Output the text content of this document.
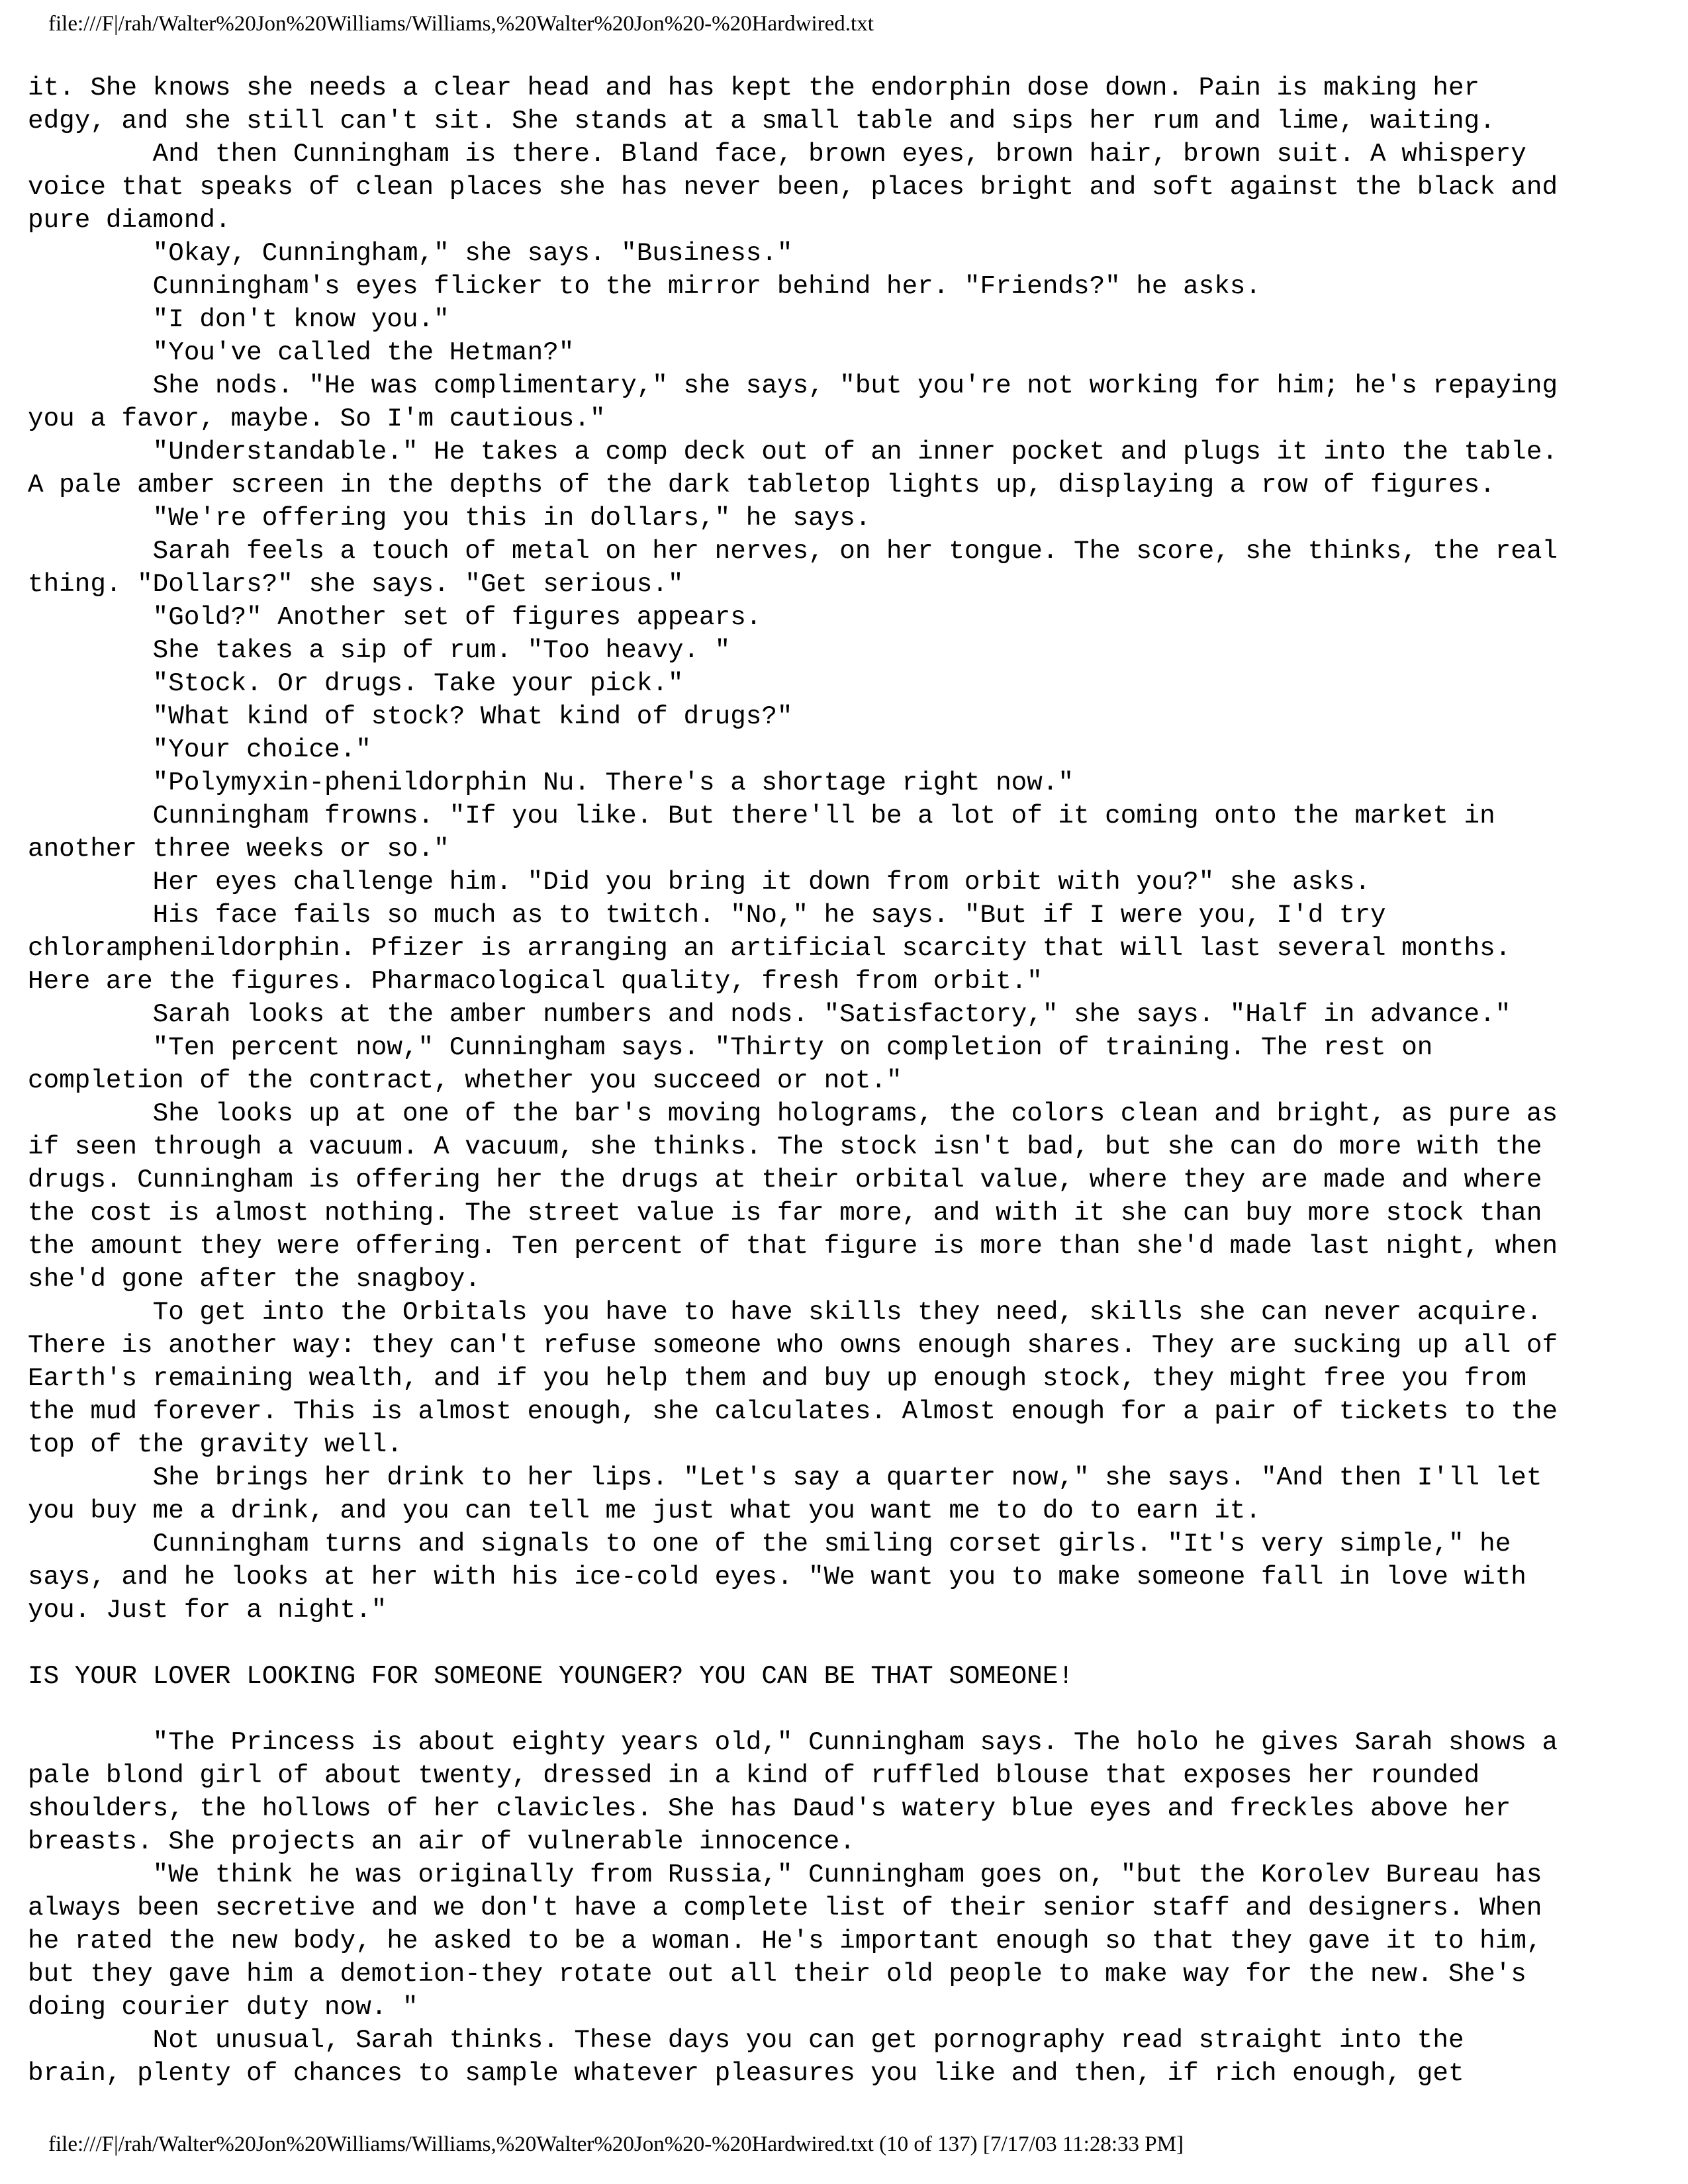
file:///F|/rah/Walter%20Jon%20Williams/Williams,%20Walter%20Jon%20-%20Hardwired.txt
it. She knows she needs a clear head and has kept the endorphin dose down. Pain is making her
edgy, and she still can't sit. She stands at a small table and sips her rum and lime, waiting.
And then Cunningham is there. Bland face, brown eyes, brown hair, brown suit. A whispery
voice that speaks of clean places she has never been, places bright and soft against the black and
pure diamond.
"Okay, Cunningham," she says. "Business."
Cunningham's eyes flicker to the mirror behind her. "Friends?" he asks.
"I don't know you."
"You've called the Hetman?"
She nods. "He was complimentary," she says, "but you're not working for him; he's repaying
you a favor, maybe. So I'm cautious."
"Understandable." He takes a comp deck out of an inner pocket and plugs it into the table.
A pale amber screen in the depths of the dark tabletop lights up, displaying a row of figures.
"We're offering you this in dollars," he says.
Sarah feels a touch of metal on her nerves, on her tongue. The score, she thinks, the real
thing. "Dollars?" she says. "Get serious."
"Gold?" Another set of figures appears.
She takes a sip of rum. "Too heavy. "
"Stock. Or drugs. Take your pick."
"What kind of stock? What kind of drugs?"
"Your choice."
"Polymyxin-phenildorphin Nu. There's a shortage right now."
Cunningham frowns. "If you like. But there'll be a lot of it coming onto the market in
another three weeks or so."
Her eyes challenge him. "Did you bring it down from orbit with you?" she asks.
His face fails so much as to twitch. "No," he says. "But if I were you, I'd try
chloramphenildorphin. Pfizer is arranging an artificial scarcity that will last several months.
Here are the figures. Pharmacological quality, fresh from orbit."
Sarah looks at the amber numbers and nods. "Satisfactory," she says. "Half in advance."
"Ten percent now," Cunningham says. "Thirty on completion of training. The rest on
completion of the contract, whether you succeed or not."
She looks up at one of the bar's moving holograms, the colors clean and bright, as pure as
if seen through a vacuum. A vacuum, she thinks. The stock isn't bad, but she can do more with the
drugs. Cunningham is offering her the drugs at their orbital value, where they are made and where
the cost is almost nothing. The street value is far more, and with it she can buy more stock than
the amount they were offering. Ten percent of that figure is more than she'd made last night, when
she'd gone after the snagboy.
To get into the Orbitals you have to have skills they need, skills she can never acquire.
There is another way: they can't refuse someone who owns enough shares. They are sucking up all of
Earth's remaining wealth, and if you help them and buy up enough stock, they might free you from
the mud forever. This is almost enough, she calculates. Almost enough for a pair of tickets to the
top of the gravity well.
She brings her drink to her lips. "Let's say a quarter now," she says. "And then I'll let
you buy me a drink, and you can tell me just what you want me to do to earn it.
Cunningham turns and signals to one of the smiling corset girls. "It's very simple," he
says, and he looks at her with his ice-cold eyes. "We want you to make someone fall in love with
you. Just for a night."
IS YOUR LOVER LOOKING FOR SOMEONE YOUNGER? YOU CAN BE THAT SOMEONE!
"The Princess is about eighty years old," Cunningham says. The holo he gives Sarah shows a
pale blond girl of about twenty, dressed in a kind of ruffled blouse that exposes her rounded
shoulders, the hollows of her clavicles. She has Daud's watery blue eyes and freckles above her
breasts. She projects an air of vulnerable innocence.
"We think he was originally from Russia," Cunningham goes on, "but the Korolev Bureau has
always been secretive and we don't have a complete list of their senior staff and designers. When
he rated the new body, he asked to be a woman. He's important enough so that they gave it to him,
but they gave him a demotion-they rotate out all their old people to make way for the new. She's
doing courier duty now. "
Not unusual, Sarah thinks. These days you can get pornography read straight into the
brain, plenty of chances to sample whatever pleasures you like and then, if rich enough, get
file:///F|/rah/Walter%20Jon%20Williams/Williams,%20Walter%20Jon%20-%20Hardwired.txt (10 of 137) [7/17/03 11:28:33 PM]
